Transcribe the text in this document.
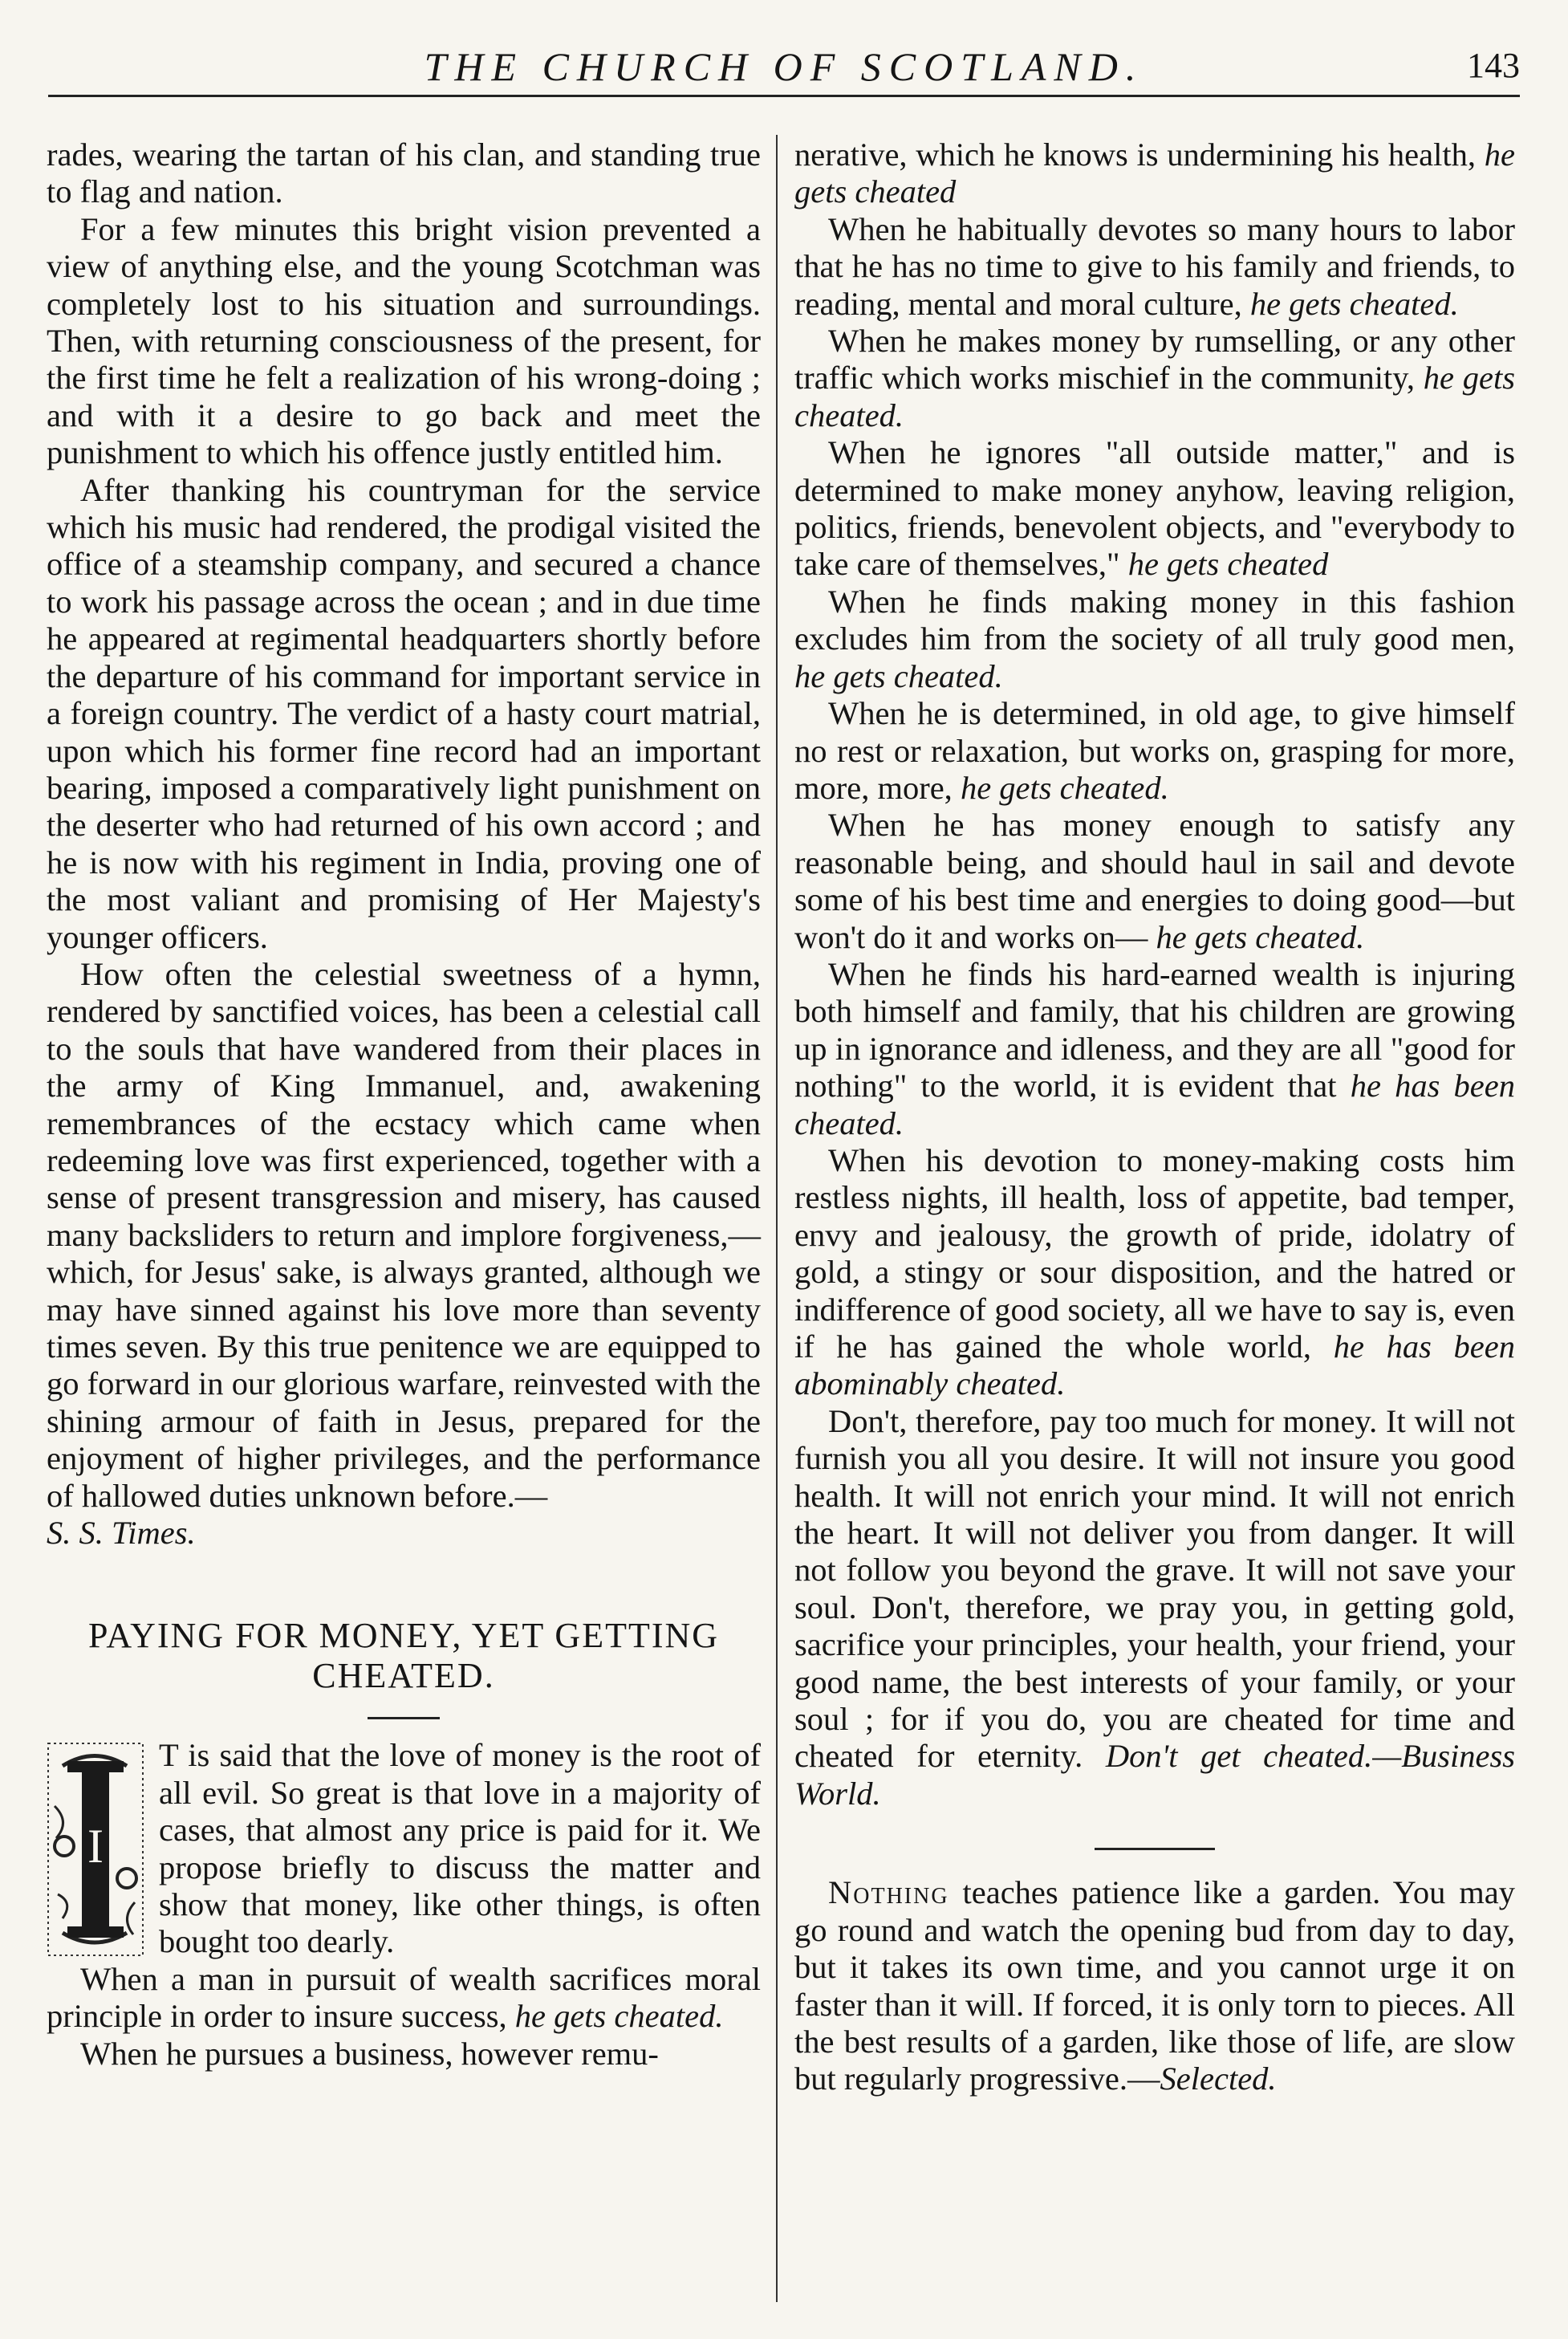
THE CHURCH OF SCOTLAND.	143

rades, wearing the tartan of his clan, and standing true to flag and nation.

For a few minutes this bright vision prevented a view of anything else, and the young Scotchman was completely lost to his situation and surroundings. Then, with returning consciousness of the present, for the first time he felt a realization of his wrong-doing ; and with it a desire to go back and meet the punishment to which his offence justly entitled him.

After thanking his countryman for the service which his music had rendered, the prodigal visited the office of a steamship company, and secured a chance to work his passage across the ocean ; and in due time he appeared at regimental headquarters shortly before the departure of his command for important service in a foreign country. The verdict of a hasty court matrial, upon which his former fine record had an important bearing, imposed a comparatively light punishment on the deserter who had returned of his own accord ; and he is now with his regiment in India, proving one of the most valiant and promising of Her Majesty's younger officers.

How often the celestial sweetness of a hymn, rendered by sanctified voices, has been a celestial call to the souls that have wandered from their places in the army of King Immanuel, and, awakening remembrances of the ecstacy which came when redeeming love was first experienced, together with a sense of present transgression and misery, has caused many backsliders to return and implore forgiveness,—which, for Jesus' sake, is always granted, although we may have sinned against his love more than seventy times seven. By this true penitence we are equipped to go forward in our glorious warfare, reinvested with the shining armour of faith in Jesus, prepared for the enjoyment of higher privileges, and the performance of hallowed duties unknown before.—
S. S. Times.

PAYING FOR MONEY, YET GETTING CHEATED.

I
T is said that the love of money is the root of all evil. So great is that love in a majority of cases, that almost any price is paid for it. We propose briefly to discuss the matter and show that money, like other things, is often bought too dearly.

When a man in pursuit of wealth sacrifices moral principle in order to insure success, he gets cheated.

When he pursues a business, however remu-

nerative, which he knows is undermining his health, he gets cheated

When he habitually devotes so many hours to labor that he has no time to give to his family and friends, to reading, mental and moral culture, he gets cheated.

When he makes money by rumselling, or any other traffic which works mischief in the community, he gets cheated.

When he ignores "all outside matter," and is determined to make money anyhow, leaving religion, politics, friends, benevolent objects, and "everybody to take care of themselves," he gets cheated

When he finds making money in this fashion excludes him from the society of all truly good men, he gets cheated.

When he is determined, in old age, to give himself no rest or relaxation, but works on, grasping for more, more, more, he gets cheated.

When he has money enough to satisfy any reasonable being, and should haul in sail and devote some of his best time and energies to doing good—but won't do it and works on— he gets cheated.

When he finds his hard-earned wealth is injuring both himself and family, that his children are growing up in ignorance and idleness, and they are all "good for nothing" to the world, it is evident that he has been cheated.

When his devotion to money-making costs him restless nights, ill health, loss of appetite, bad temper, envy and jealousy, the growth of pride, idolatry of gold, a stingy or sour disposition, and the hatred or indifference of good society, all we have to say is, even if he has gained the whole world, he has been abominably cheated.

Don't, therefore, pay too much for money. It will not furnish you all you desire. It will not insure you good health. It will not enrich your mind. It will not enrich the heart. It will not deliver you from danger. It will not follow you beyond the grave. It will not save your soul. Don't, therefore, we pray you, in getting gold, sacrifice your principles, your health, your friend, your good name, the best interests of your family, or your soul ; for if you do, you are cheated for time and cheated for eternity. Don't get cheated.—Business World.

Nothing teaches patience like a garden. You may go round and watch the opening bud from day to day, but it takes its own time, and you cannot urge it on faster than it will. If forced, it is only torn to pieces. All the best results of a garden, like those of life, are slow but regularly progressive.—Selected.
